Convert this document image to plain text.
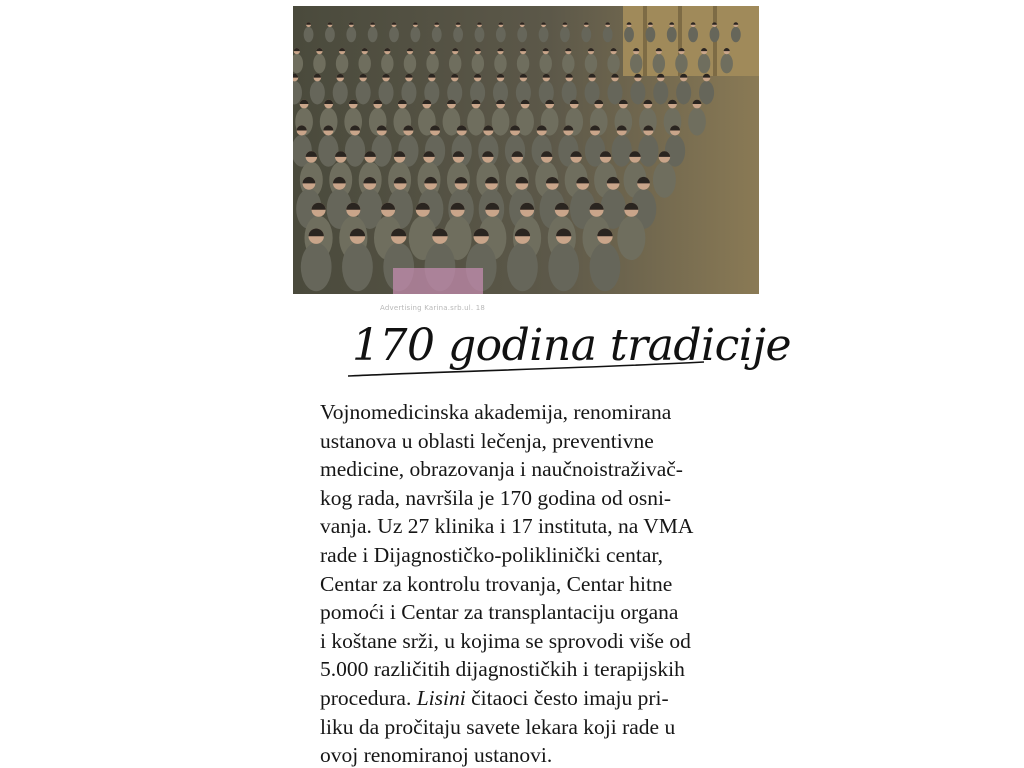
Advertising Karina.srb.ul. 18
170 godina tradicije
Vojnomedicinska akademija, renomirana
ustanova u oblasti lečenja, preventivne
medicine, obrazovanja i naučnoistraživač-
kog rada, navršila je 170 godina od osni-
vanja. Uz 27 klinika i 17 instituta, na VMA
rade i Dijagnostičko-poliklinički centar,
Centar za kontrolu trovanja, Centar hitne
pomoći i Centar za transplantaciju organa
i koštane srži, u kojima se sprovodi više od
5.000 različitih dijagnostičkih i terapijskih
procedura. Lisini čitaoci često imaju pri-
liku da pročitaju savete lekara koji rade u
ovoj renomiranoj ustanovi.
